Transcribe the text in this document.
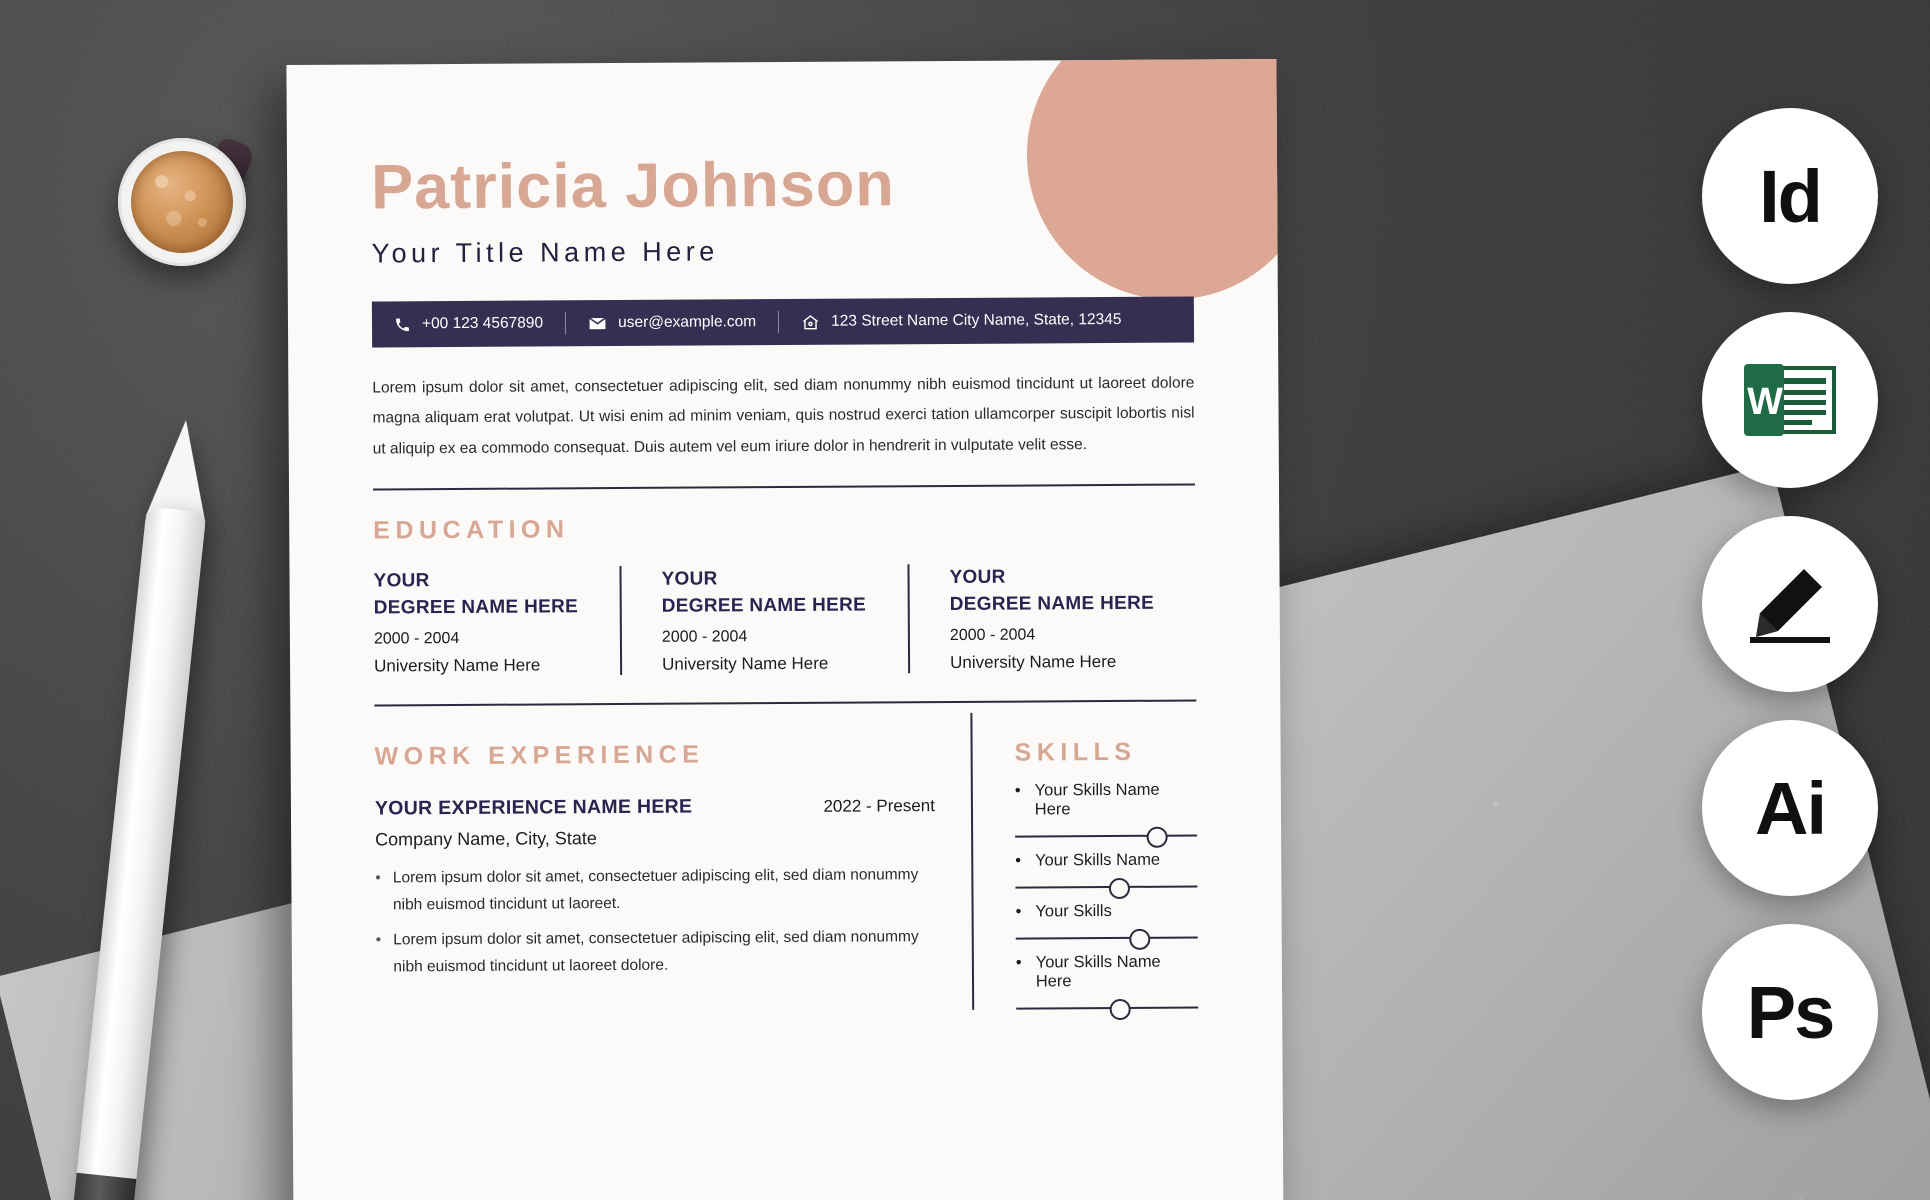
Patricia Johnson
Your Title Name Here
+00 123 4567890	user@example.com	123 Street Name City Name, State, 12345
Lorem ipsum dolor sit amet, consectetuer adipiscing elit, sed diam nonummy nibh euismod tincidunt ut laoreet dolore magna aliquam erat volutpat. Ut wisi enim ad minim veniam, quis nostrud exerci tation ullamcorper suscipit lobortis nisl ut aliquip ex ea commodo consequat. Duis autem vel eum iriure dolor in hendrerit in vulputate velit esse.
EDUCATION
YOUR
DEGREE NAME HERE
2000 - 2004
University Name Here
YOUR
DEGREE NAME HERE
2000 - 2004
University Name Here
YOUR
DEGREE NAME HERE
2000 - 2004
University Name Here
WORK EXPERIENCE
YOUR EXPERIENCE NAME HERE	2022 - Present
Company Name, City, State
• Lorem ipsum dolor sit amet, consectetuer adipiscing elit, sed diam nonummy nibh euismod tincidunt ut laoreet.
• Lorem ipsum dolor sit amet, consectetuer adipiscing elit, sed diam nonummy nibh euismod tincidunt ut laoreet dolore.
SKILLS
• Your Skills Name Here
• Your Skills Name
• Your Skills
• Your Skills Name Here
Id
W
Ai
Ps
